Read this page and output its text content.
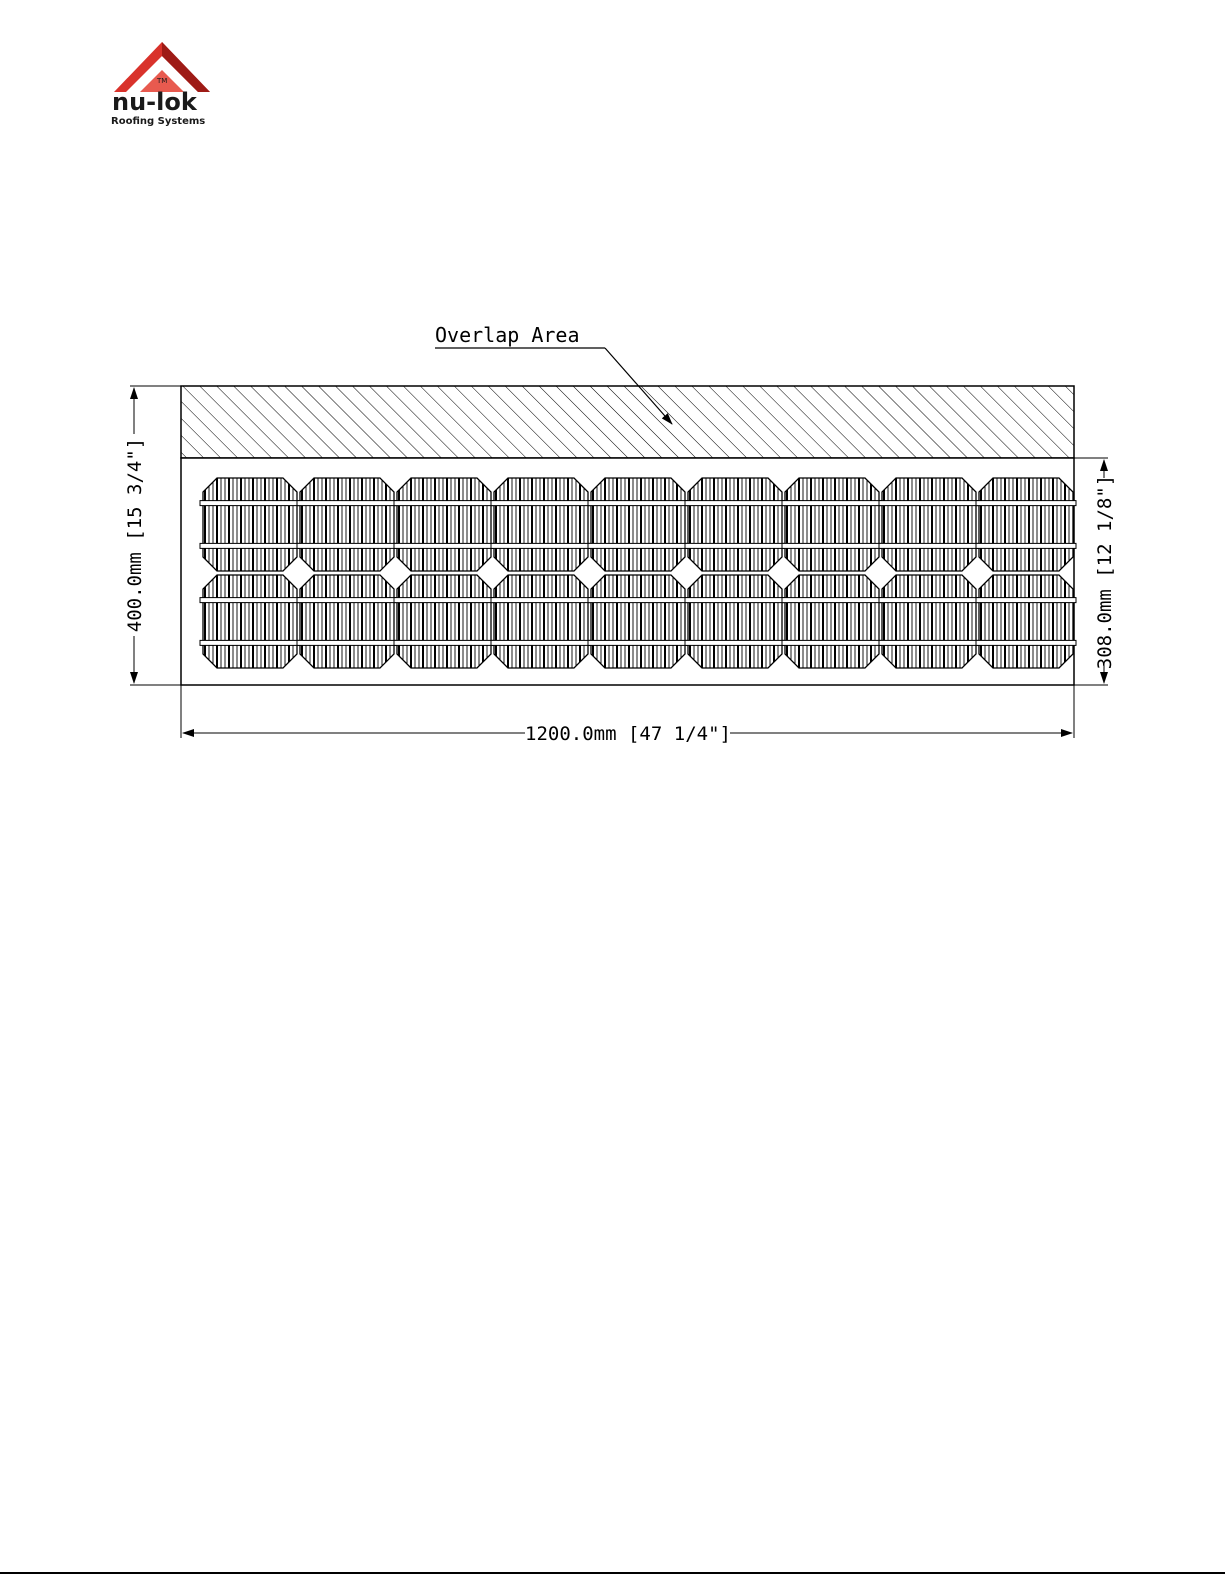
TM
nu-lok
Roofing Systems
Overlap Area
400.0mm [15 3/4"]	308.0mm [12 1/8"]
1200.0mm [47 1/4"]
